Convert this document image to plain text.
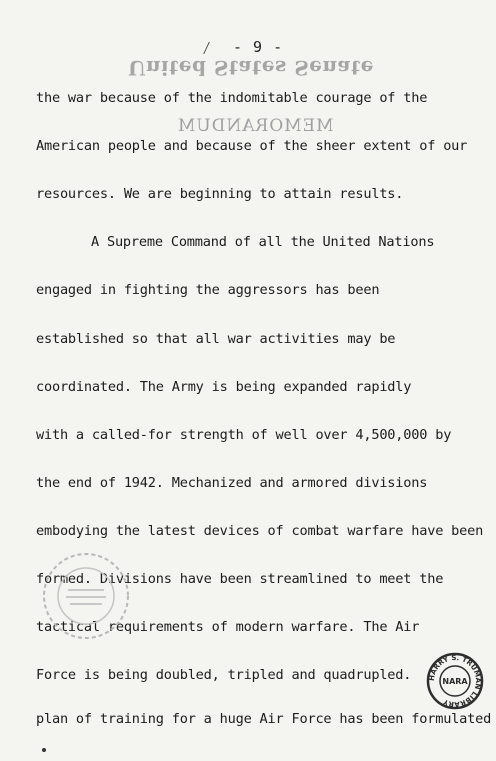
- 9 -
United States Senate
MEMORANDUM
the war because of the indomitable courage of the
American people and because of the sheer extent of our
resources. We are beginning to attain results.
A Supreme Command of all the United Nations
engaged in fighting the aggressors has been
established so that all war activities may be
coordinated. The Army is being expanded rapidly
with a called-for strength of well over 4,500,000 by
the end of 1942. Mechanized and armored divisions
embodying the latest devices of combat warfare have been
formed. Divisions have been streamlined to meet the
tactical requirements of modern warfare. The Air
Force is being doubled, tripled and quadrupled.
plan of training for a huge Air Force has been formulated
HARRY S. TRUMAN LIBRARY
NARA
